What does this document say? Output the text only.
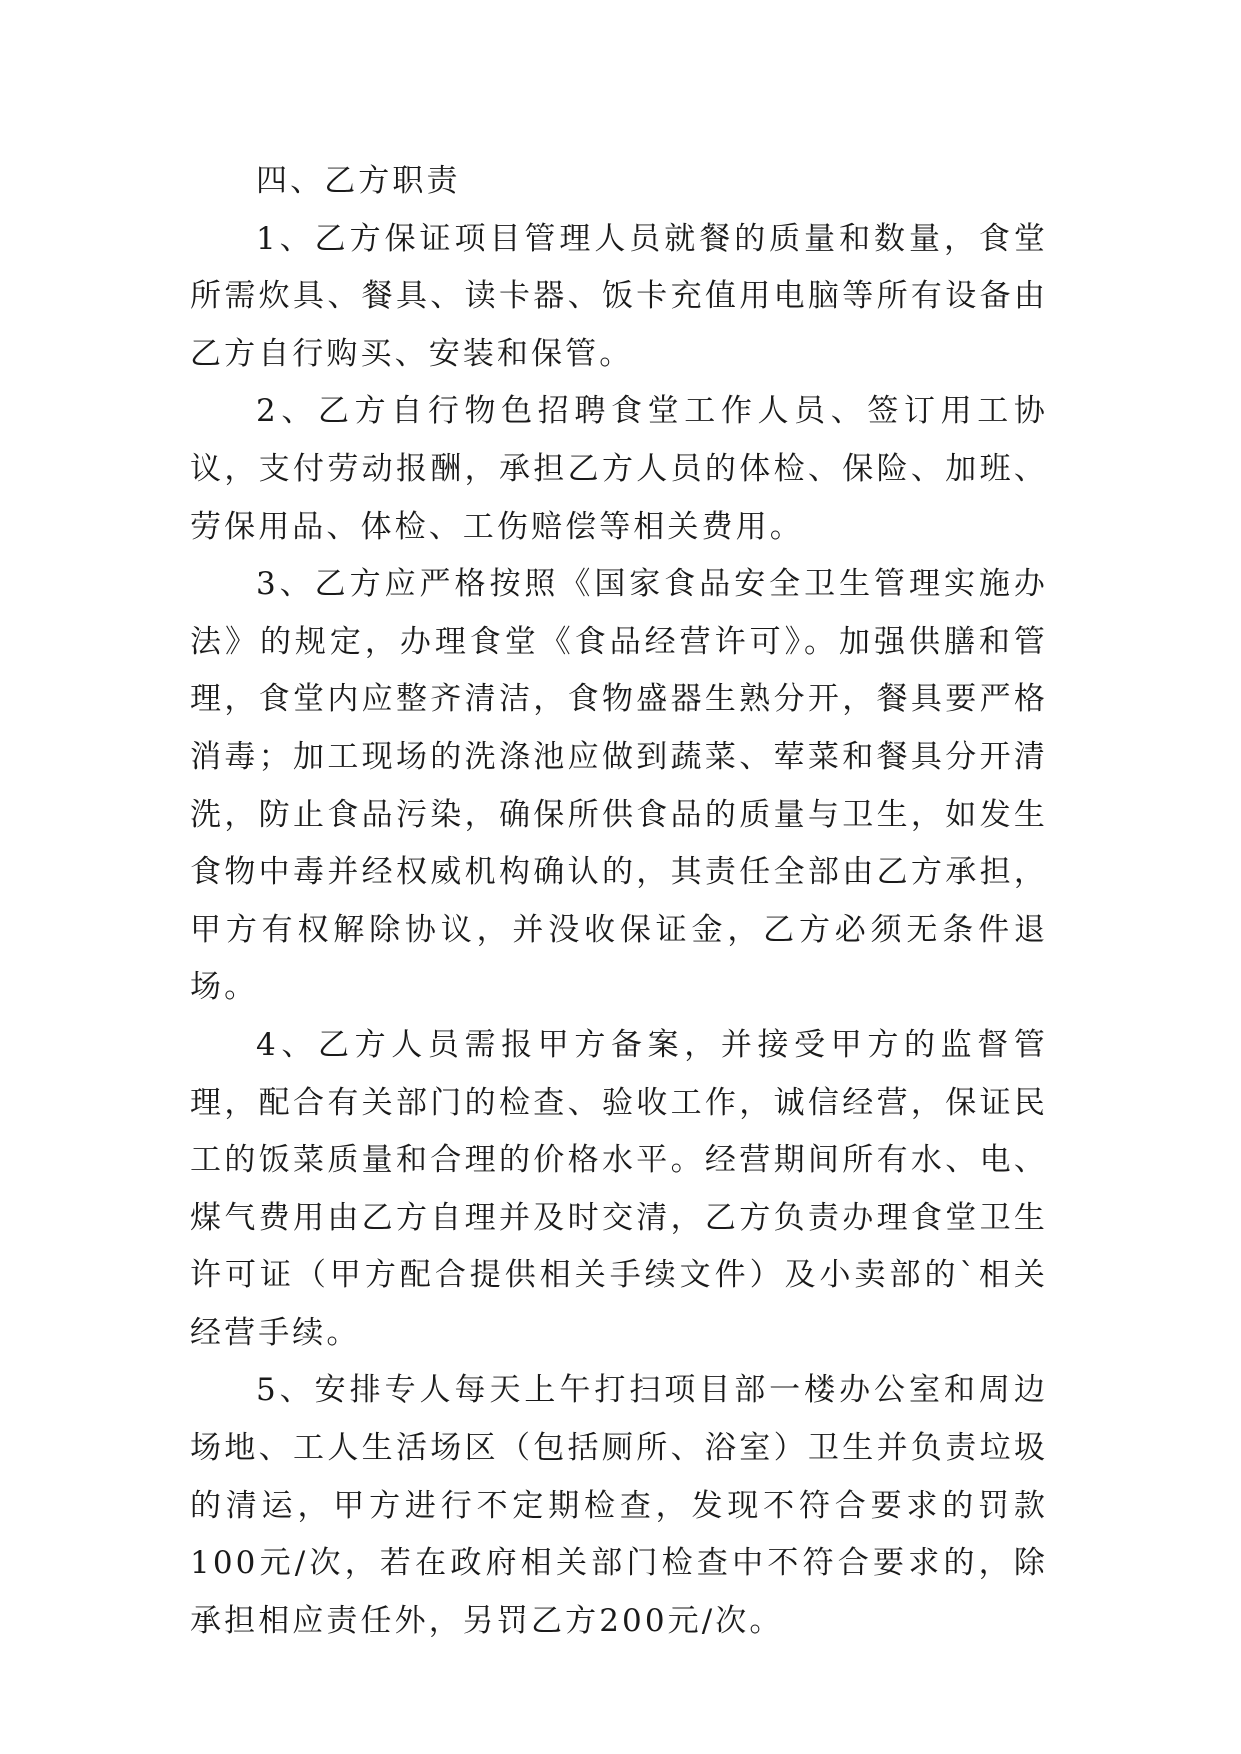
四、乙方职责

1、乙方保证项目管理人员就餐的质量和数量，食堂所需炊具、餐具、读卡器、饭卡充值用电脑等所有设备由乙方自行购买、安装和保管。

2、乙方自行物色招聘食堂工作人员、签订用工协议，支付劳动报酬，承担乙方人员的体检、保险、加班、劳保用品、体检、工伤赔偿等相关费用。

3、乙方应严格按照《国家食品安全卫生管理实施办法》的规定，办理食堂《食品经营许可》。加强供膳和管理，食堂内应整齐清洁，食物盛器生熟分开，餐具要严格消毒；加工现场的洗涤池应做到蔬菜、荤菜和餐具分开清洗，防止食品污染，确保所供食品的质量与卫生，如发生食物中毒并经权威机构确认的，其责任全部由乙方承担，甲方有权解除协议，并没收保证金，乙方必须无条件退场。

4、乙方人员需报甲方备案，并接受甲方的监督管理，配合有关部门的检查、验收工作，诚信经营，保证民工的饭菜质量和合理的价格水平。经营期间所有水、电、煤气费用由乙方自理并及时交清，乙方负责办理食堂卫生许可证（甲方配合提供相关手续文件）及小卖部的`相关经营手续。

5、安排专人每天上午打扫项目部一楼办公室和周边场地、工人生活场区（包括厕所、浴室）卫生并负责垃圾的清运，甲方进行不定期检查，发现不符合要求的罚款100元/次，若在政府相关部门检查中不符合要求的，除承担相应责任外，另罚乙方200元/次。
